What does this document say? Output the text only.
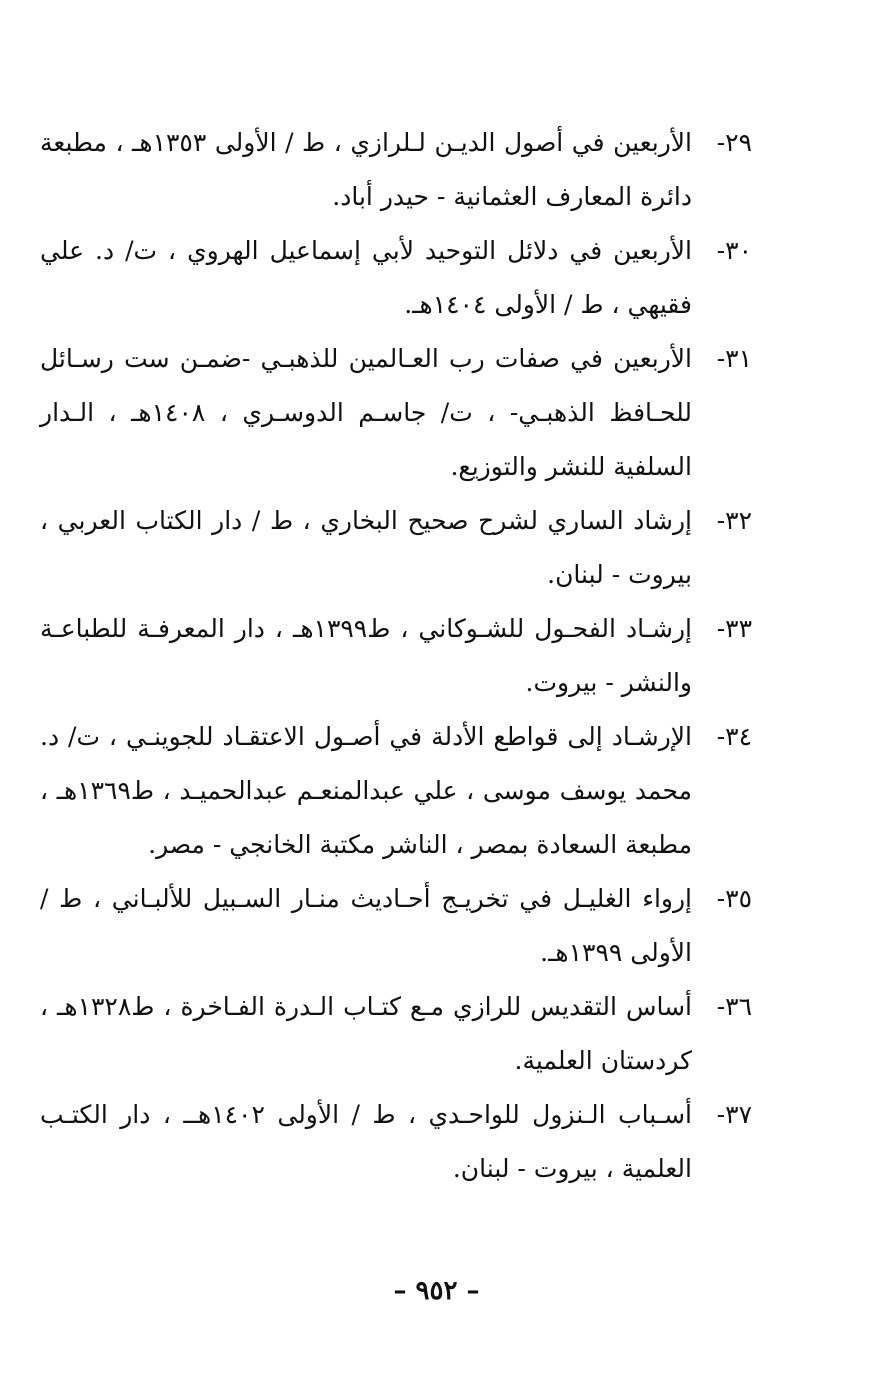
٢٩-
الأربعين في أصول الديـن لـلرازي ، ط / الأولى ١٣٥٣هـ ، مطبعة دائرة المعارف العثمانية - حيدر أباد.
٣٠-
الأربعين في دلائل التوحيد لأبي إسماعيل الهروي ، ت/ د. علي فقيهي ، ط / الأولى ١٤٠٤هـ.
٣١-
الأربعين في صفات رب العـالمين للذهبـي -ضمـن ست رسـائل للحـافظ الذهبـي- ، ت/ جاسـم الدوسـري ، ١٤٠٨هـ ، الـدار السلفية للنشر والتوزيع.
٣٢-
إرشاد الساري لشرح صحيح البخاري ، ط / دار الكتاب العربي ، بيروت - لبنان.
٣٣-
إرشـاد الفحـول للشـوكاني ، ط١٣٩٩هـ ، دار المعرفـة للطباعـة والنشر - بيروت.
٣٤-
الإرشـاد إلى قواطع الأدلة في أصـول الاعتقـاد للجوينـي ، ت/ د. محمد يوسف موسى ، علي عبدالمنعـم عبدالحميـد ، ط١٣٦٩هـ ، مطبعة السعادة بمصر ، الناشر مكتبة الخانجي - مصر.
٣٥-
إرواء الغليـل في تخريـج أحـاديث منـار السـبيل للألبـاني ، ط / الأولى ١٣٩٩هـ.
٣٦-
أساس التقديس للرازي مـع كتـاب الـدرة الفـاخرة ، ط١٣٢٨هـ ، كردستان العلمية.
٣٧-
أسـباب الـنزول للواحـدي ، ط / الأولى ١٤٠٢هــ ، دار الكتـب العلمية ، بيروت - لبنان.
– ٩٥٢ –
